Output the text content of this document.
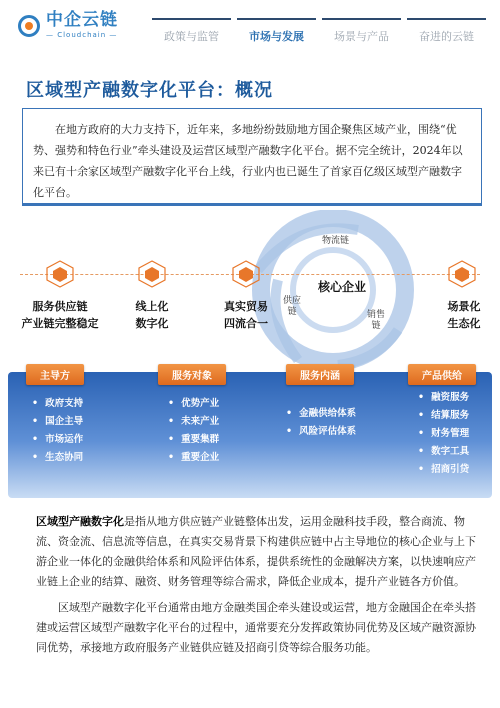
中企云链
— Cloudchain —	政策与监管	市场与发展	场景与产品	奋进的云链
区域型产融数字化平台：概况

在地方政府的大力支持下，近年来，多地纷纷鼓励地方国企聚焦区域产业，围绕“优势、强势和特色行业”牵头建设及运营区域型产融数字化平台。据不完全统计，2024年以来已有十余家区域型产融数字化平台上线，行业内也已诞生了首家百亿级区域型产融数字化平台。

服务供应链
产业链完整稳定
线上化
数字化
真实贸易
四流合一
场景化
生态化
核心企业
物流链
供应
链	销售
链
主导方
• 政府支持
• 国企主导
• 市场运作
• 生态协同
服务对象
• 优势产业
• 未来产业
• 重要集群
• 重要企业
服务内涵
• 金融供给体系
• 风险评估体系
产品供给
• 融资服务
• 结算服务
• 财务管理
• 数字工具
• 招商引贷

区域型产融数字化是指从地方供应链产业链整体出发，运用金融科技手段，整合商流、物流、资金流、信息流等信息，在真实交易背景下构建供应链中占主导地位的核心企业与上下游企业一体化的金融供给体系和风险评估体系，提供系统性的金融解决方案，以快速响应产业链上企业的结算、融资、财务管理等综合需求，降低企业成本，提升产业链各方价值。

区域型产融数字化平台通常由地方金融类国企牵头建设或运营，地方金融国企在牵头搭建或运营区域型产融数字化平台的过程中，通常要充分发挥政策协同优势及区域产融资源协同优势，承接地方政府服务产业链供应链及招商引贷等综合服务功能。
